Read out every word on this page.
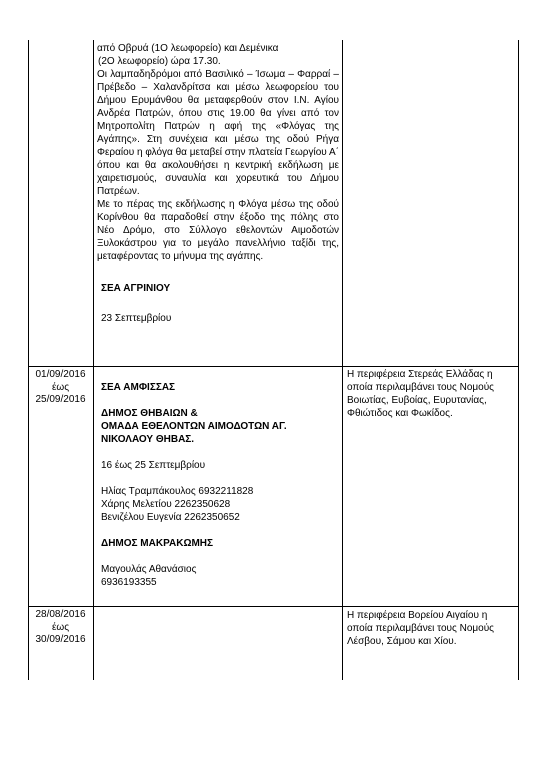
από Οβρυά (1Ο λεωφορείο) και Δεμένικα
(2Ο λεωφορείο) ώρα 17.30.
Οι λαμπαδηδρόμοι από Βασιλικό – Ίσωμα – Φαρραί – Πρέβεδο – Χαλανδρίτσα και μέσω λεωφορείου του Δήμου Ερυμάνθου θα μεταφερθούν στον Ι.Ν. Αγίου Ανδρέα Πατρών, όπου στις 19.00 θα γίνει από τον Μητροπολίτη Πατρών η αφή της «Φλόγας της Αγάπης». Στη συνέχεια και μέσω της οδού Ρήγα Φεραίου η φλόγα θα μεταβεί στην πλατεία Γεωργίου Α΄ όπου και θα ακολουθήσει η κεντρική εκδήλωση με χαιρετισμούς, συναυλία και χορευτικά του Δήμου Πατρέων.
Με το πέρας της εκδήλωσης η Φλόγα μέσω της οδού Κορίνθου θα παραδοθεί στην έξοδο της πόλης στο Νέο Δρόμο, στο Σύλλογο εθελοντών Αιμοδοτών Ξυλοκάστρου για το μεγάλο πανελλήνιο ταξίδι της, μεταφέροντας το μήνυμα της αγάπης.
ΣΕΑ ΑΓΡΙΝΙΟΥ
23 Σεπτεμβρίου
01/09/2016
έως
25/09/2016
ΣΕΑ ΑΜΦΙΣΣΑΣ
ΔΗΜΟΣ ΘΗΒΑΙΩΝ &
ΟΜΑΔΑ ΕΘΕΛΟΝΤΩΝ ΑΙΜΟΔΟΤΩΝ ΑΓ.
ΝΙΚΟΛΑΟΥ ΘΗΒΑΣ.
16 έως 25 Σεπτεμβρίου
Ηλίας Τραμπάκουλος 6932211828
Χάρης Μελετίου 2262350628
Βενιζέλου Ευγενία 2262350652
ΔΗΜΟΣ ΜΑΚΡΑΚΩΜΗΣ
Μαγουλάς Αθανάσιος
6936193355
Η περιφέρεια Στερεάς Ελλάδας η
οποία περιλαμβάνει τους Νομούς
Βοιωτίας, Ευβοίας, Ευρυτανίας,
Φθιώτιδος και Φωκίδος.
28/08/2016
έως
30/09/2016
Η περιφέρεια Βορείου Αιγαίου η
οποία περιλαμβάνει τους Νομούς
Λέσβου, Σάμου και Χίου.
